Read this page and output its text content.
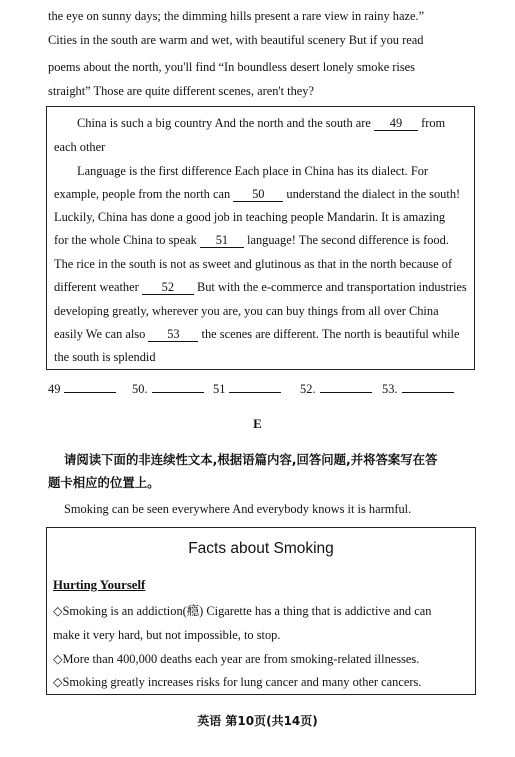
the eye on sunny days; the dimming hills present a rare view in rainy haze.”
Cities in the south are warm and wet, with beautiful scenery But if you read
poems about the north, you'll find “In boundless desert lonely smoke rises
straight” Those are quite different scenes, aren't they?
China is such a big country And the north and the south are 49 from
each other
Language is the first difference Each place in China has its dialect. For
example, people from the north can 50 understand the dialect in the south!
Luckily, China has done a good job in teaching people Mandarin. It is amazing
for the whole China to speak 51 language! The second difference is food.
The rice in the south is not as sweet and glutinous as that in the north because of
different weather 52 But with the e-commerce and transportation industries
developing greatly, wherever you are, you can buy things from all over China
easily We can also 53 the scenes are different. The north is beautiful while
the south is splendid
49	50.	51	52.	53.
E
请阅读下面的非连续性文本,根据语篇内容,回答问题,并将答案写在答
题卡相应的位置上。
Smoking can be seen everywhere And everybody knows it is harmful.
Facts about Smoking
Hurting Yourself
◇Smoking is an addiction(瘾) Cigarette has a thing that is addictive and can
make it very hard, but not impossible, to stop.
◇More than 400,000 deaths each year are from smoking-related illnesses.
◇Smoking greatly increases risks for lung cancer and many other cancers.
英语 第10页(共14页)
